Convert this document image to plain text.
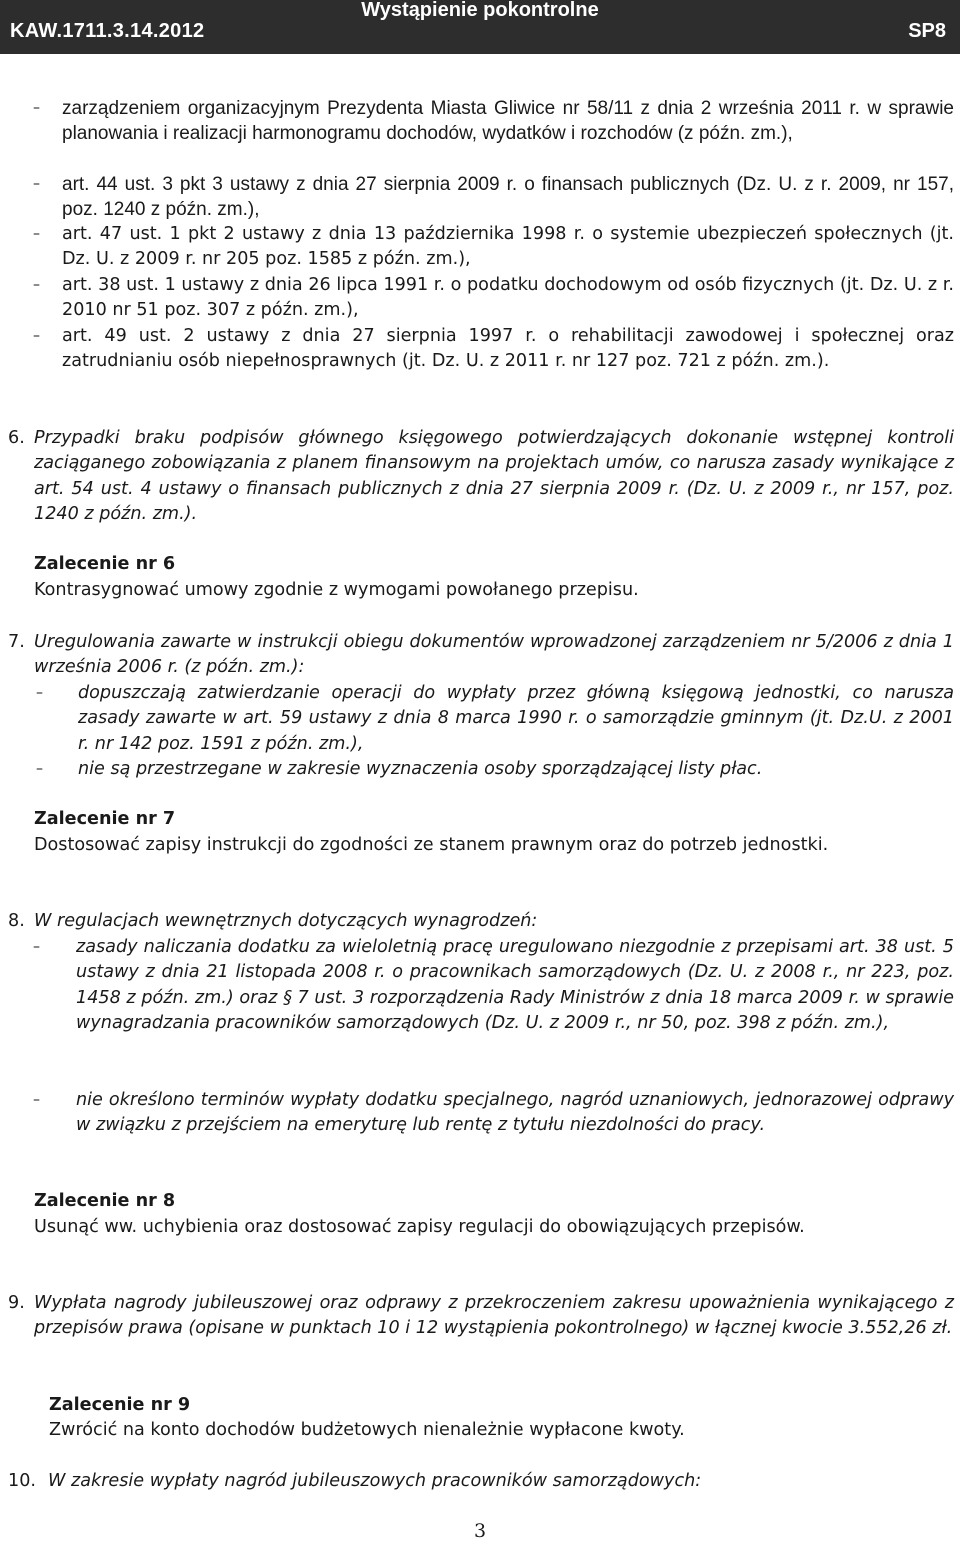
Wystąpienie pokontrolne
KAW.1711.3.14.2012	SP8
– zarządzeniem organizacyjnym Prezydenta Miasta Gliwice nr 58/11 z dnia 2 września 2011 r. w sprawie planowania i realizacji harmonogramu dochodów, wydatków i rozchodów (z późn. zm.),

– art. 44 ust. 3 pkt 3 ustawy z dnia 27 sierpnia 2009 r. o finansach publicznych (Dz. U. z r. 2009, nr 157, poz. 1240 z późn. zm.),

– art. 47 ust. 1 pkt 2 ustawy z dnia 13 października 1998 r. o systemie ubezpieczeń społecznych (jt. Dz. U. z 2009 r. nr 205 poz. 1585 z późn. zm.),

– art. 38 ust. 1 ustawy z dnia 26 lipca 1991 r. o podatku dochodowym od osób fizycznych (jt. Dz. U. z r. 2010 nr 51 poz. 307 z późn. zm.),

– art. 49 ust. 2 ustawy z dnia 27 sierpnia 1997 r. o rehabilitacji zawodowej i społecznej oraz zatrudnianiu osób niepełnosprawnych (jt. Dz. U. z 2011 r. nr 127 poz. 721 z późn. zm.).

6. Przypadki braku podpisów głównego księgowego potwierdzających dokonanie wstępnej kontroli zaciąganego zobowiązania z planem finansowym na projektach umów, co narusza zasady wynikające z art. 54 ust. 4 ustawy o finansach publicznych z dnia 27 sierpnia 2009 r. (Dz. U. z 2009 r., nr 157, poz. 1240 z późn. zm.).

Zalecenie nr 6

Kontrasygnować umowy zgodnie z wymogami powołanego przepisu.

7. Uregulowania zawarte w instrukcji obiegu dokumentów wprowadzonej zarządzeniem nr 5/2006 z dnia 1 września 2006 r. (z późn. zm.):

– dopuszczają zatwierdzanie operacji do wypłaty przez główną księgową jednostki, co narusza zasady zawarte w art. 59 ustawy z dnia 8 marca 1990 r. o samorządzie gminnym (jt. Dz.U. z 2001 r. nr 142 poz. 1591 z późn. zm.),

– nie są przestrzegane w zakresie wyznaczenia osoby sporządzającej listy płac.

Zalecenie nr 7

Dostosować zapisy instrukcji do zgodności ze stanem prawnym oraz do potrzeb jednostki.

8. W regulacjach wewnętrznych dotyczących wynagrodzeń:

– zasady naliczania dodatku za wieloletnią pracę uregulowano niezgodnie z przepisami art. 38 ust. 5 ustawy z dnia 21 listopada 2008 r. o pracownikach samorządowych (Dz. U. z 2008 r., nr 223, poz. 1458 z późn. zm.) oraz § 7 ust. 3 rozporządzenia Rady Ministrów z dnia 18 marca 2009 r. w sprawie wynagradzania pracowników samorządowych (Dz. U. z 2009 r., nr 50, poz. 398 z późn. zm.),

– nie określono terminów wypłaty dodatku specjalnego, nagród uznaniowych, jednorazowej odprawy w związku z przejściem na emeryturę lub rentę z tytułu niezdolności do pracy.

Zalecenie nr 8

Usunąć ww. uchybienia oraz dostosować zapisy regulacji do obowiązujących przepisów.

9. Wypłata nagrody jubileuszowej oraz odprawy z przekroczeniem zakresu upoważnienia wynikającego z przepisów prawa (opisane w punktach 10 i 12 wystąpienia pokontrolnego) w łącznej kwocie 3.552,26 zł.

Zalecenie nr 9

Zwrócić na konto dochodów budżetowych nienależnie wypłacone kwoty.

10. W zakresie wypłaty nagród jubileuszowych pracowników samorządowych:

3
